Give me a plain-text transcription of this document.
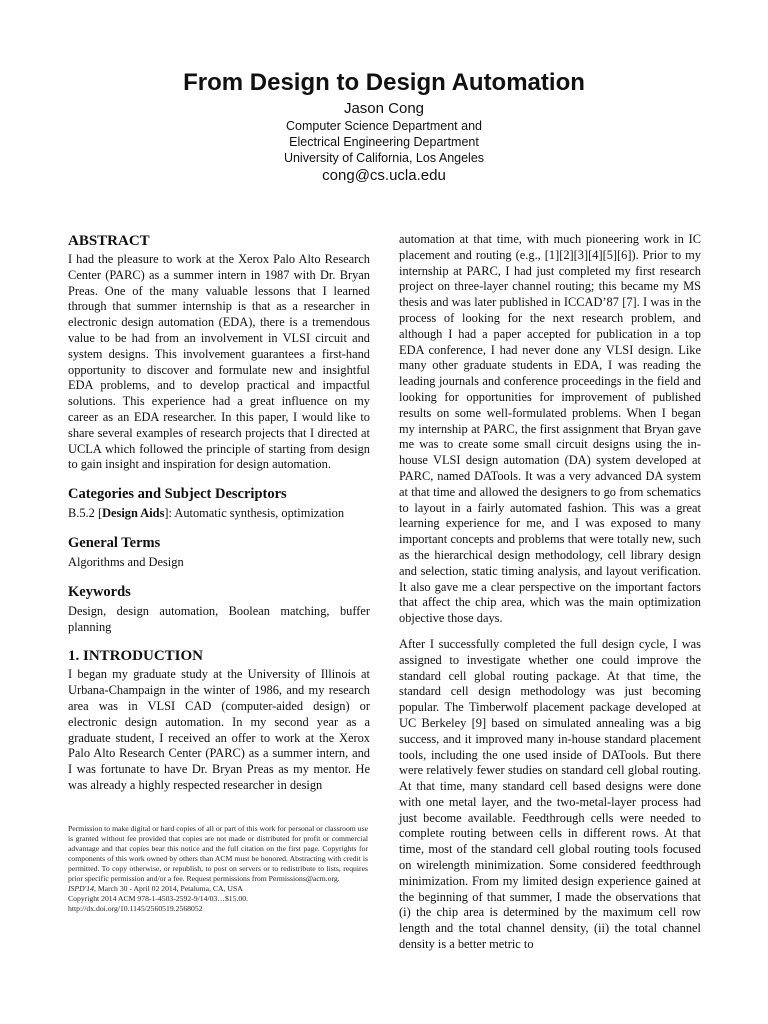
From Design to Design Automation
Jason Cong
Computer Science Department and
Electrical Engineering Department
University of California, Los Angeles
cong@cs.ucla.edu
ABSTRACT

I had the pleasure to work at the Xerox Palo Alto Research Center (PARC) as a summer intern in 1987 with Dr. Bryan Preas. One of the many valuable lessons that I learned through that summer internship is that as a researcher in electronic design automation (EDA), there is a tremendous value to be had from an involvement in VLSI circuit and system designs. This involvement guarantees a first-hand opportunity to discover and formulate new and insightful EDA problems, and to develop practical and impactful solutions. This experience had a great influence on my career as an EDA researcher. In this paper, I would like to share several examples of research projects that I directed at UCLA which followed the principle of starting from design to gain insight and inspiration for design automation.

Categories and Subject Descriptors

B.5.2 [Design Aids]: Automatic synthesis, optimization

General Terms

Algorithms and Design

Keywords

Design, design automation, Boolean matching, buffer planning

1. INTRODUCTION

I began my graduate study at the University of Illinois at Urbana-Champaign in the winter of 1986, and my research area was in VLSI CAD (computer-aided design) or electronic design automation. In my second year as a graduate student, I received an offer to work at the Xerox Palo Alto Research Center (PARC) as a summer intern, and I was fortunate to have Dr. Bryan Preas as my mentor. He was already a highly respected researcher in design

Permission to make digital or hard copies of all or part of this work for personal or classroom use is granted without fee provided that copies are not made or distributed for profit or commercial advantage and that copies bear this notice and the full citation on the first page. Copyrights for components of this work owned by others than ACM must be honored. Abstracting with credit is permitted. To copy otherwise, or republish, to post on servers or to redistribute to lists, requires prior specific permission and/or a fee. Request permissions from Permissions@acm.org.

ISPD'14, March 30 - April 02 2014, Petaluma, CA, USA

Copyright 2014 ACM 978-1-4503-2592-9/14/03…$15.00.

http://dx.doi.org/10.1145/2560519.2568052

automation at that time, with much pioneering work in IC placement and routing (e.g., [1][2][3][4][5][6]). Prior to my internship at PARC, I had just completed my first research project on three-layer channel routing; this became my MS thesis and was later published in ICCAD’87 [7]. I was in the process of looking for the next research problem, and although I had a paper accepted for publication in a top EDA conference, I had never done any VLSI design. Like many other graduate students in EDA, I was reading the leading journals and conference proceedings in the field and looking for opportunities for improvement of published results on some well-formulated problems. When I began my internship at PARC, the first assignment that Bryan gave me was to create some small circuit designs using the in-house VLSI design automation (DA) system developed at PARC, named DATools. It was a very advanced DA system at that time and allowed the designers to go from schematics to layout in a fairly automated fashion. This was a great learning experience for me, and I was exposed to many important concepts and problems that were totally new, such as the hierarchical design methodology, cell library design and selection, static timing analysis, and layout verification. It also gave me a clear perspective on the important factors that affect the chip area, which was the main optimization objective those days.

After I successfully completed the full design cycle, I was assigned to investigate whether one could improve the standard cell global routing package. At that time, the standard cell design methodology was just becoming popular. The Timberwolf placement package developed at UC Berkeley [9] based on simulated annealing was a big success, and it improved many in-house standard placement tools, including the one used inside of DATools. But there were relatively fewer studies on standard cell global routing. At that time, many standard cell based designs were done with one metal layer, and the two-metal-layer process had just become available. Feedthrough cells were needed to complete routing between cells in different rows. At that time, most of the standard cell global routing tools focused on wirelength minimization. Some considered feedthrough minimization. From my limited design experience gained at the beginning of that summer, I made the observations that (i) the chip area is determined by the maximum cell row length and the total channel density, (ii) the total channel density is a better metric to
